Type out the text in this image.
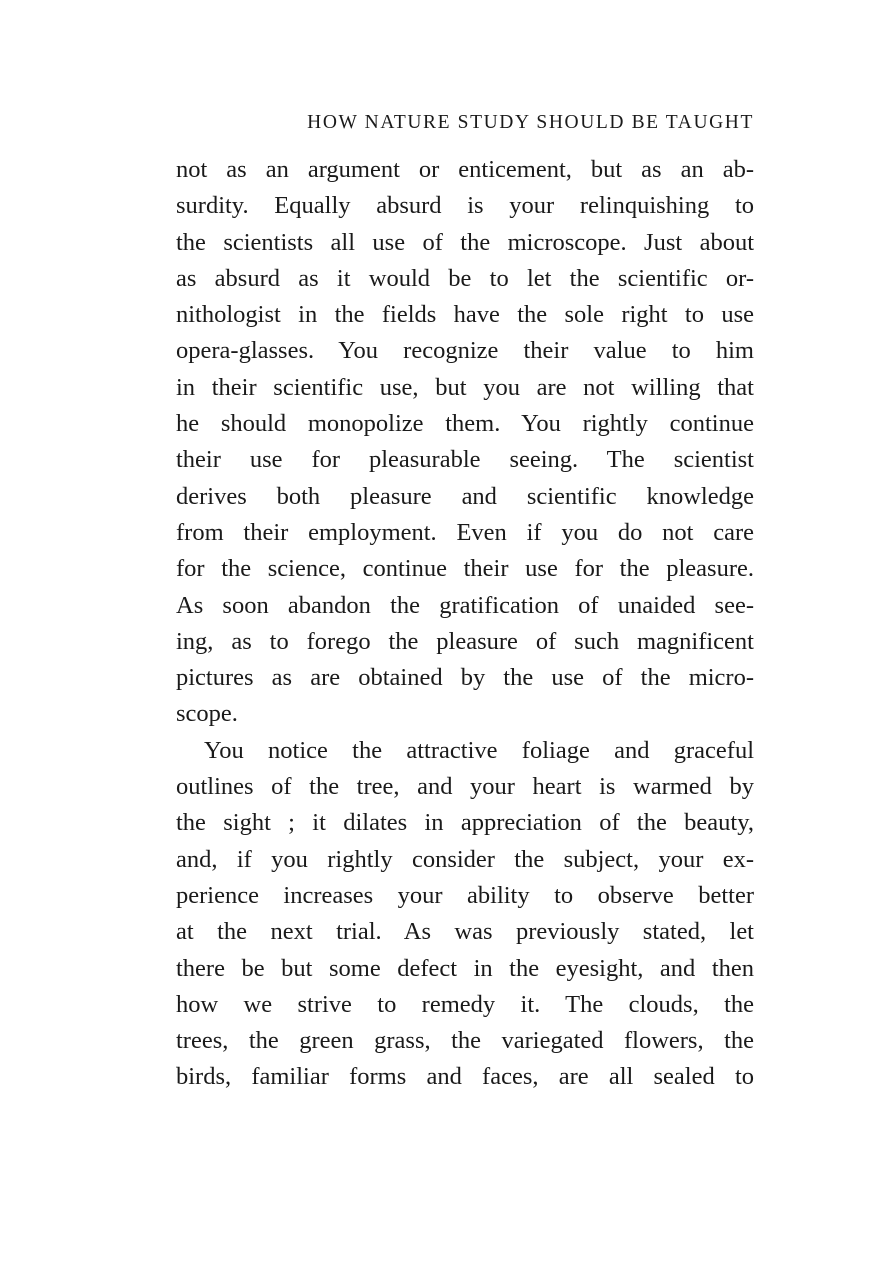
HOW NATURE STUDY SHOULD BE TAUGHT
not as an argument or enticement, but as an ab-
surdity. Equally absurd is your relinquishing to
the scientists all use of the microscope. Just about
as absurd as it would be to let the scientific or-
nithologist in the fields have the sole right to use
opera-glasses. You recognize their value to him
in their scientific use, but you are not willing that
he should monopolize them. You rightly continue
their use for pleasurable seeing. The scientist
derives both pleasure and scientific knowledge
from their employment. Even if you do not care
for the science, continue their use for the pleasure.
As soon abandon the gratification of unaided see-
ing, as to forego the pleasure of such magnificent
pictures as are obtained by the use of the micro-
scope.
You notice the attractive foliage and graceful
outlines of the tree, and your heart is warmed by
the sight ; it dilates in appreciation of the beauty,
and, if you rightly consider the subject, your ex-
perience increases your ability to observe better
at the next trial. As was previously stated, let
there be but some defect in the eyesight, and then
how we strive to remedy it. The clouds, the
trees, the green grass, the variegated flowers, the
birds, familiar forms and faces, are all sealed to
